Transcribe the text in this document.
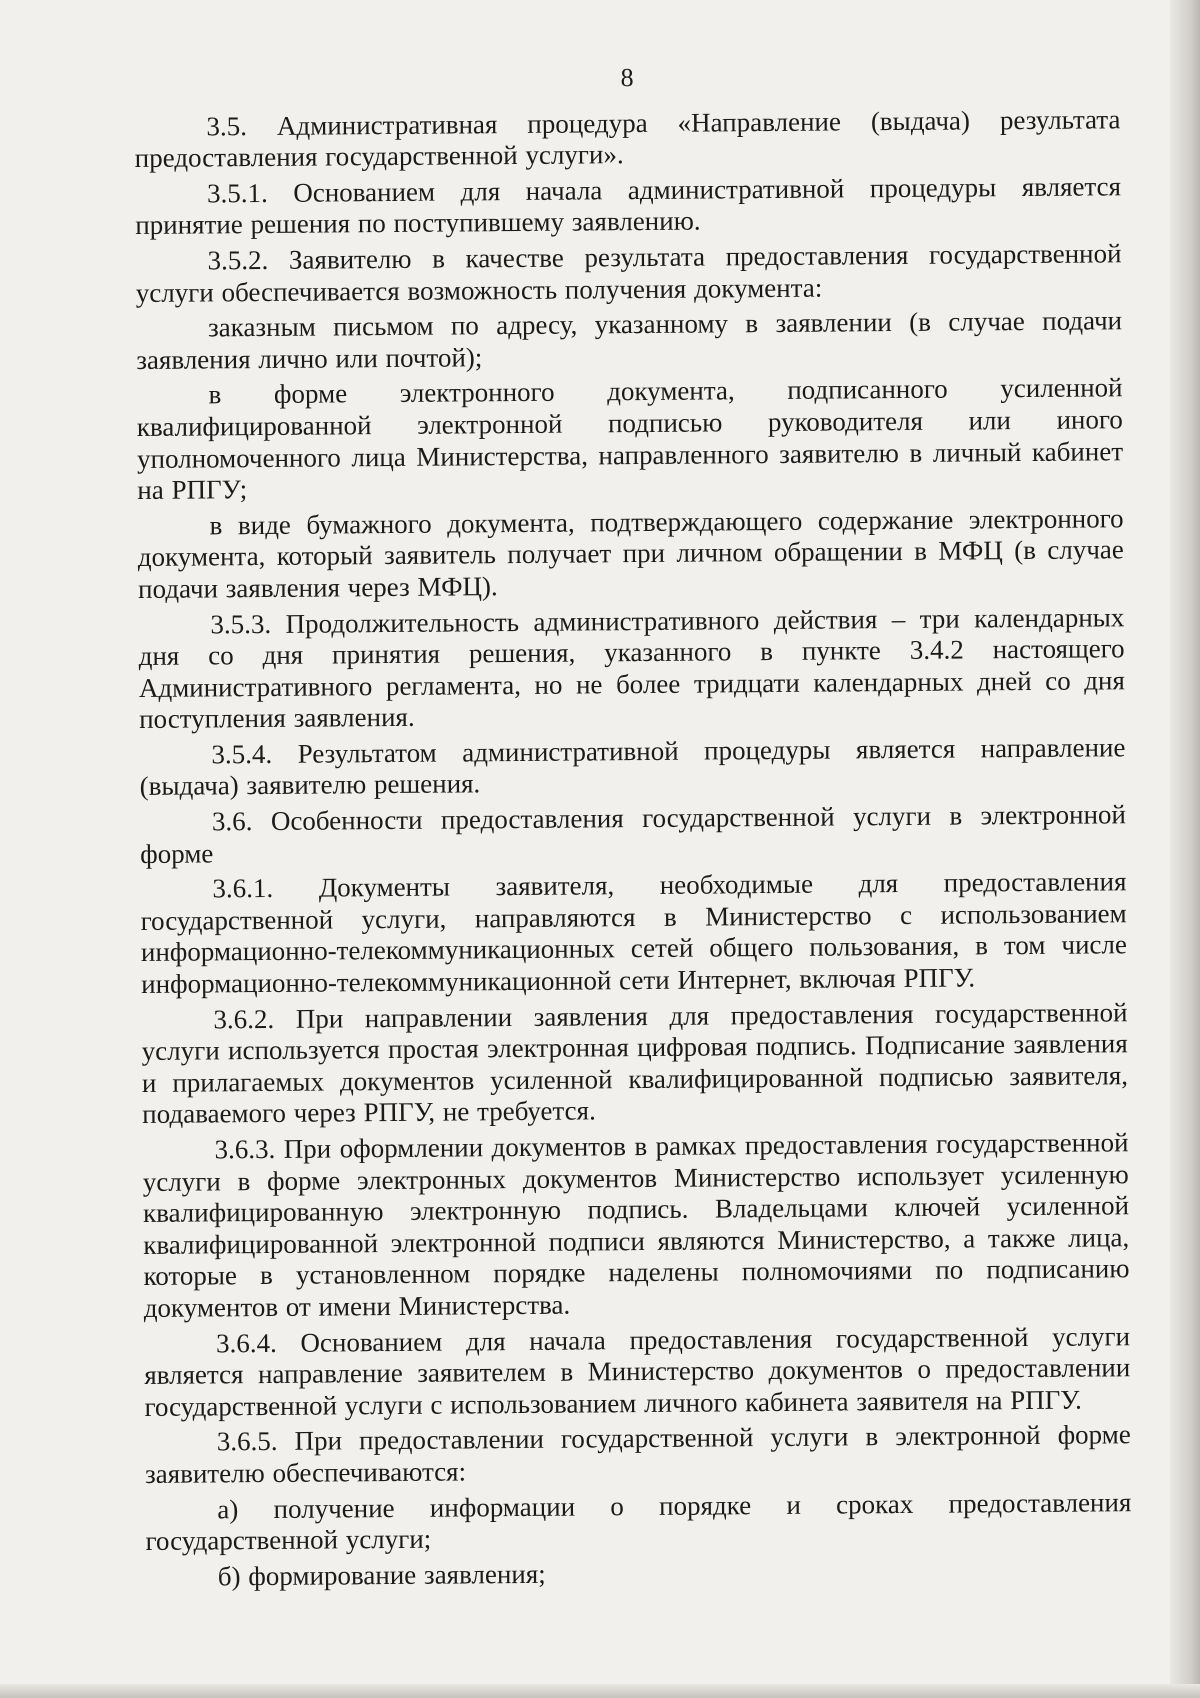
8

3.5. Административная процедура «Направление (выдача) результата предоставления государственной услуги».

3.5.1. Основанием для начала административной процедуры является принятие решения по поступившему заявлению.

3.5.2. Заявителю в качестве результата предоставления государственной услуги обеспечивается возможность получения документа:

заказным письмом по адресу, указанному в заявлении (в случае подачи заявления лично или почтой);

в форме электронного документа, подписанного усиленной квалифицированной электронной подписью руководителя или иного уполномоченного лица Министерства, направленного заявителю в личный кабинет на РПГУ;

в виде бумажного документа, подтверждающего содержание электронного документа, который заявитель получает при личном обращении в МФЦ (в случае подачи заявления через МФЦ).

3.5.3. Продолжительность административного действия – три календарных дня со дня принятия решения, указанного в пункте 3.4.2 настоящего Административного регламента, но не более тридцати календарных дней со дня поступления заявления.

3.5.4. Результатом административной процедуры является направление (выдача) заявителю решения.

3.6. Особенности предоставления государственной услуги в электронной форме

3.6.1. Документы заявителя, необходимые для предоставления государственной услуги, направляются в Министерство с использованием информационно-телекоммуникационных сетей общего пользования, в том числе информационно-телекоммуникационной сети Интернет, включая РПГУ.

3.6.2. При направлении заявления для предоставления государственной услуги используется простая электронная цифровая подпись. Подписание заявления и прилагаемых документов усиленной квалифицированной подписью заявителя, подаваемого через РПГУ, не требуется.

3.6.3. При оформлении документов в рамках предоставления государственной услуги в форме электронных документов Министерство использует усиленную квалифицированную электронную подпись. Владельцами ключей усиленной квалифицированной электронной подписи являются Министерство, а также лица, которые в установленном порядке наделены полномочиями по подписанию документов от имени Министерства.

3.6.4. Основанием для начала предоставления государственной услуги является направление заявителем в Министерство документов о предоставлении государственной услуги с использованием личного кабинета заявителя на РПГУ.

3.6.5. При предоставлении государственной услуги в электронной форме заявителю обеспечиваются:

а) получение информации о порядке и сроках предоставления государственной услуги;

б) формирование заявления;
